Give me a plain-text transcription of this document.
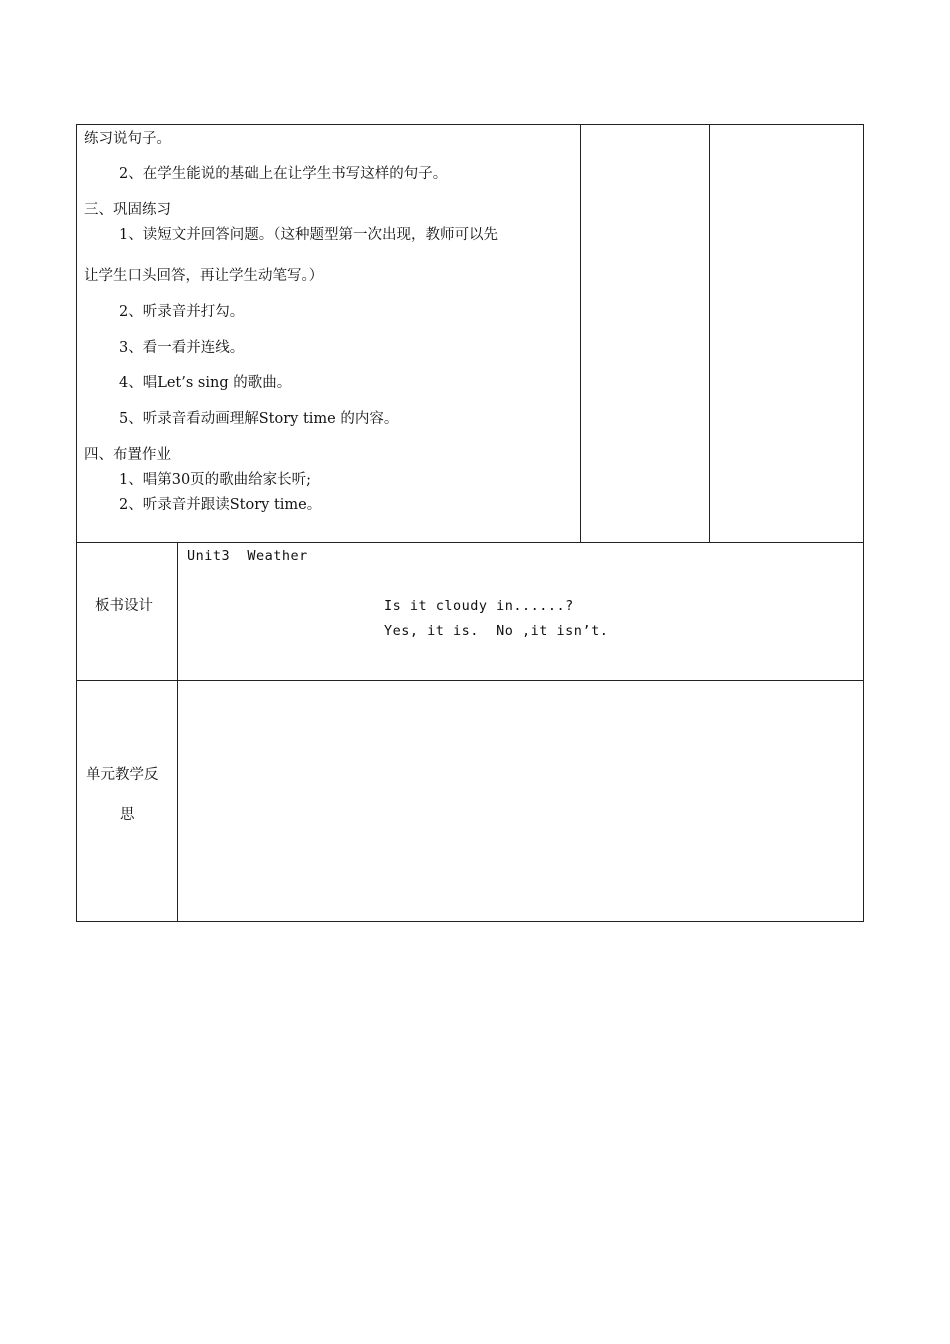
练习说句子。
2、在学生能说的基础上在让学生书写这样的句子。
三、巩固练习
1、读短文并回答问题。（这种题型第一次出现，教师可以先
让学生口头回答，再让学生动笔写。）
2、听录音并打勾。
3、看一看并连线。
4、唱Let’s sing 的歌曲。
5、听录音看动画理解Story time 的内容。
四、布置作业
1、唱第30页的歌曲给家长听;
2、听录音并跟读Story time。
板书设计
Unit3  Weather
Is it cloudy in......?
Yes, it is.  No ,it isn’t.
单元教学反
思
